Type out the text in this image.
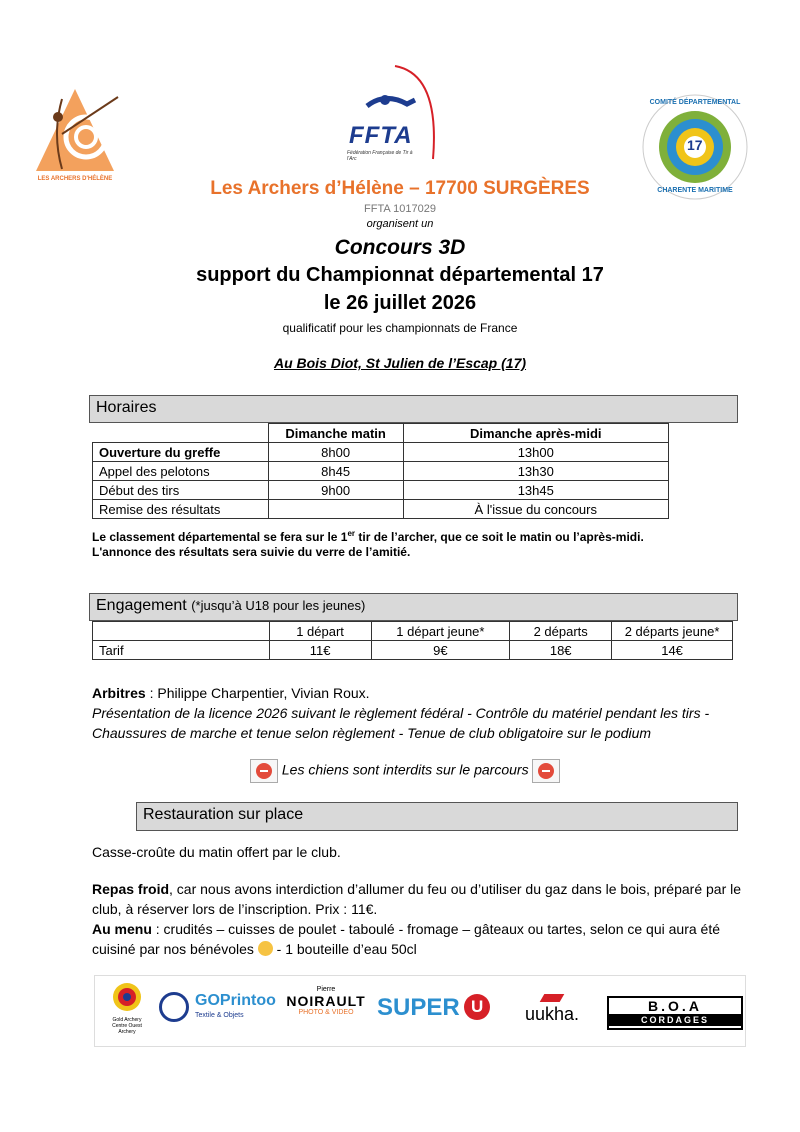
LES ARCHERS D'HÉLÈNE
FFTA
Fédération Française de Tir à l'Arc
COMITÉ DÉPARTEMENTAL
17
CHARENTE MARITIME
Les Archers d’Hélène – 17700 SURGÈRES
FFTA 1017029
organisent un
Concours 3D
support du Championnat départemental 17
le 26 juillet 2026
qualificatif pour les championnats de France
Au Bois Diot, St Julien de l’Escap (17)
Horaires
	Dimanche matin	Dimanche après-midi
Ouverture du greffe	8h00	13h00
Appel des pelotons	8h45	13h30
Début des tirs	9h00	13h45
Remise des résultats		À l'issue du concours
Le classement départemental se fera sur le 1er tir de l’archer, que ce soit le matin ou l’après-midi.
L'annonce des résultats sera suivie du verre de l’amitié.
Engagement (*jusqu’à U18 pour les jeunes)
	1 départ	1 départ jeune*	2 départs	2 départs jeune*
Tarif	11€	9€	18€	14€
Arbitres : Philippe Charpentier, Vivian Roux.
Présentation de la licence 2026 suivant le règlement fédéral - Contrôle du matériel pendant les tirs - Chaussures de marche et tenue selon règlement - Tenue de club obligatoire sur le podium
Les chiens sont interdits sur le parcours
Restauration sur place
Casse-croûte du matin offert par le club.
Repas froid, car nous avons interdiction d’allumer du feu ou d’utiliser du gaz dans le bois, préparé par le club, à réserver lors de l’inscription. Prix : 11€.
Au menu : crudités – cuisses de poulet - taboulé - fromage – gâteaux ou tartes, selon ce qui aura été cuisiné par nos bénévoles  - 1 bouteille d’eau 50cl
Gold Archery
Centre Ouest Archery
GOPrintoo
Textile & Objets
Pierre
NOIRAULT
PHOTO & VIDEO SUPER U	uukha.	B.O.A
CORDAGES
